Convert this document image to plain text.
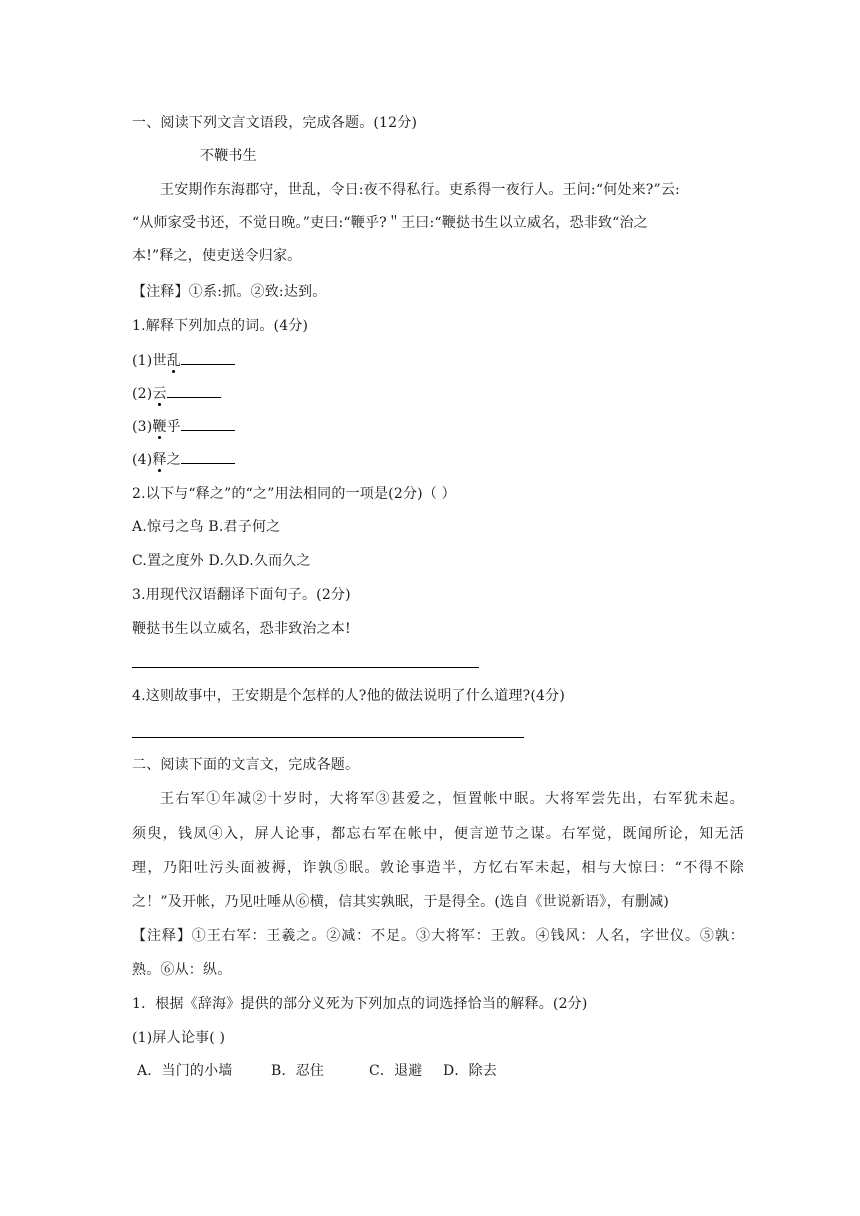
一、阅读下列文言文语段，完成各题。(12分)
不鞭书生
王安期作东海郡守，世乱，令日:夜不得私行。吏系得一夜行人。王问:“何处来?”云:
“从师家受书还，不觉日晚。”吏曰:“鞭乎?＂王曰:“鞭挞书生以立威名，恐非致“治之
本!”释之，使吏送令归家。
【注释】①系:抓。②致:达到。
1.解释下列加点的词。(4分)
(1)世乱
(2)云
(3)鞭乎
(4)释之
2.以下与“释之”的“之”用法相同的一项是(2分)（ ）
A.惊弓之鸟 B.君子何之
C.置之度外 D.久D.久而久之
3.用现代汉语翻译下面句子。(2分)
鞭挞书生以立威名，恐非致治之本!
4.这则故事中，王安期是个怎样的人?他的做法说明了什么道理?(4分)
二、阅读下面的文言文，完成各题。
王右军①年减②十岁时，大将军③甚爱之，恒置帐中眠。大将军尝先出，右军犹未起。
须臾，钱凤④入，屏人论事，都忘右军在帐中，便言逆节之谋。右军觉，既闻所论，知无活
理，乃阳吐污头面被褥，诈孰⑤眠。敦论事造半，方忆右军未起，相与大惊曰：“不得不除
之！”及开帐，乃见吐唾从⑥横，信其实孰眠，于是得全。(选自《世说新语》，有删减)
【注释】①王右军：王羲之。②减：不足。③大将军：王敦。④钱风：人名，字世仪。⑤孰：
熟。⑥从：纵。
1．根据《辞海》提供的部分义死为下列加点的词选择恰当的解释。(2分)
(1)屏人论事( )
A．当门的小墙	B．忍住	C．退避 D．除去
